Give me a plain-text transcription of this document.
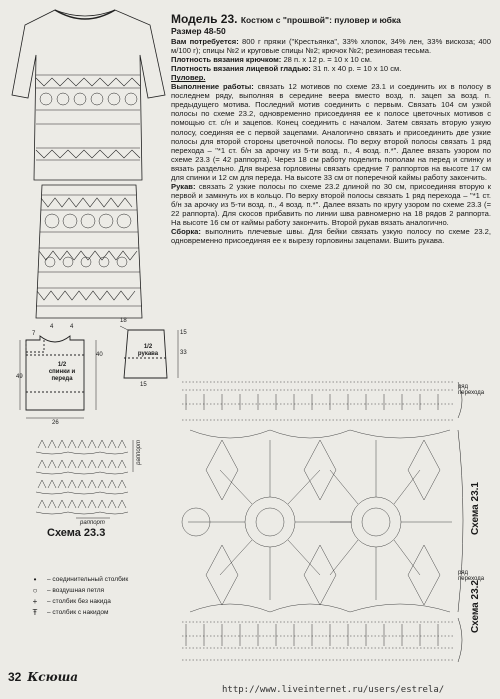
Модель 23. Костюм с "прошвой": пуловер и юбка
Размер 48-50

Вам потребуется: 800 г пряжи ("Крестьянка", 33% хлопок, 34% лен, 33% вискоза; 400 м/100 г); спицы №2 и круговые спицы №2; крючок №2; резиновая тесьма.

Плотность вязания крючком: 28 п. х 12 р. = 10 х 10 см.

Плотность вязания лицевой гладью: 31 п. х 40 р. = 10 х 10 см.

Пуловер.

Выполнение работы: связать 12 мотивов по схеме 23.1 и соединить их в полосу в последнем ряду, выполняя в середине веера вместо возд. п. зацеп за возд. п. предыдущего мотива. Последний мотив соединить с первым. Связать 104 см узкой полосы по схеме 23.2, одновременно присоединяя ее к полосе цветочных мотивов с помощью ст. с/н и зацепов. Конец соединить с началом. Затем связать вторую узкую полосу, соединяя ее с первой зацепами. Аналогично связать и присоединить две узкие полосы для второй стороны цветочной полосы. По верху второй полосы связать 1 ряд перехода – "*1 ст. б/н за арочку из 5-ти возд. п., 4 возд. п.*". Далее вязать узором по схеме 23.3 (= 42 раппорта). Через 18 см работу поделить пополам на перед и спинку и вязать раздельно. Для выреза горловины связать средние 7 раппортов на высоте 17 см для спинки и 12 см для переда. На высоте 33 см от поперечной каймы работу закончить.

Рукав: связать 2 узкие полосы по схеме 23.2 длиной по 30 см, присоединяя вторую к первой и замкнуть их в кольцо. По верху второй полосы связать 1 ряд перехода – "*1 ст. б/н за арочку из 5-ти возд. п., 4 возд. п.*". Далее вязать по кругу узором по схеме 23.3 (= 22 раппорта). Для скосов прибавить по линии шва равномерно на 18 рядов 2 раппорта. На высоте 16 см от каймы работу закончить. Второй рукав вязать аналогично.

Сборка: выполнить плечевые швы. Для бейки связать узкую полосу по схеме 23.2, одновременно присоединяя ее к вырезу горловины зацепами. Вшить рукава.

1/2 спинки и переда
1/2 рукава
40
7
4	4
49
26
18
15
33
15
Схема 23.3
раппорт
раппорт
Схема 23.1
Схема 23.2
ряд перехода
ряд перехода
•	– соединительный столбик
○	– воздушная петля
+	– столбик без накида
Ŧ	– столбик с накидом
32 Ксюша
http://www.liveinternet.ru/users/estrela/
